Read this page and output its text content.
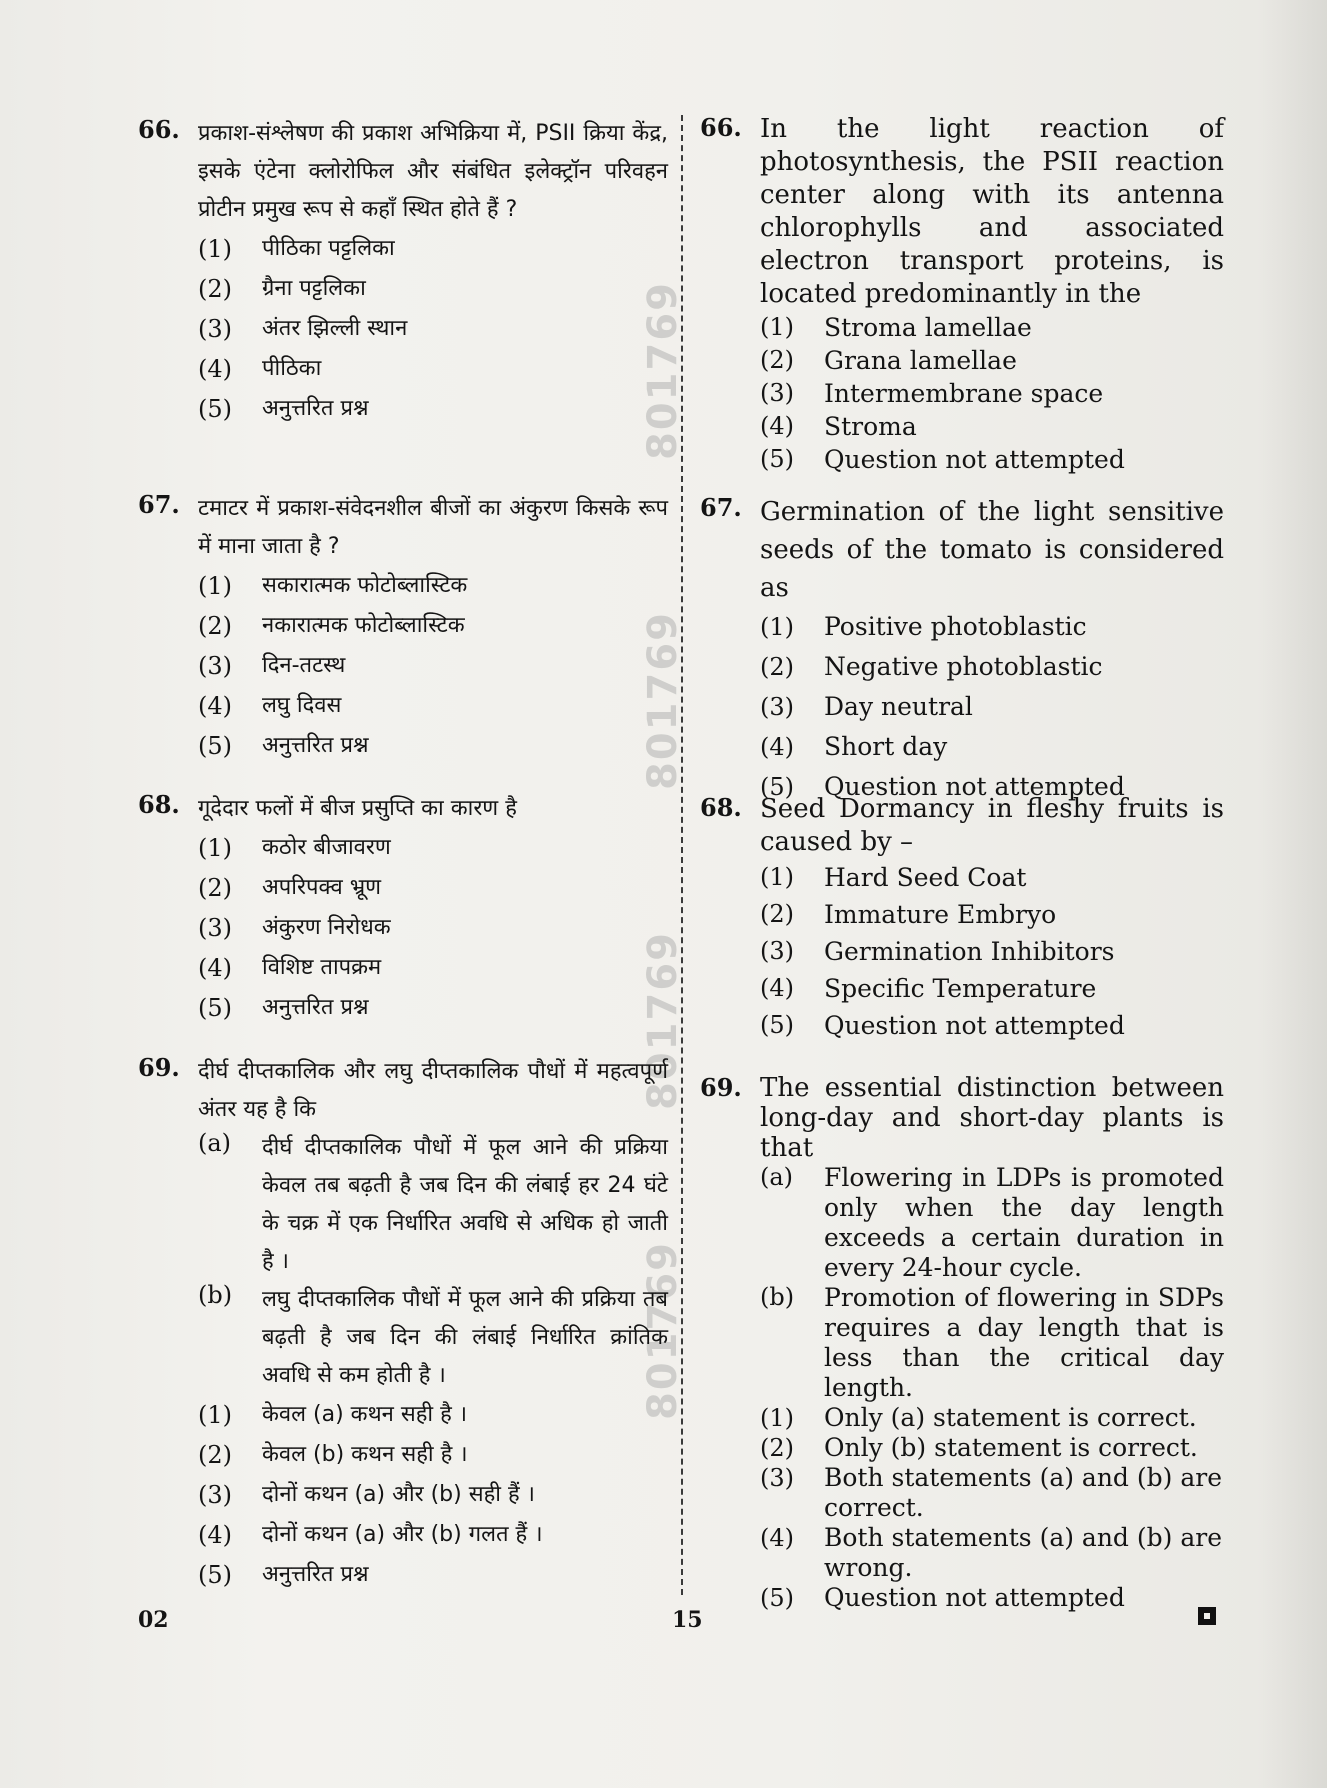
801769
801769
801769
801769
66. प्रकाश-संश्लेषण की प्रकाश अभिक्रिया में, PSII क्रिया केंद्र, इसके एंटेना क्लोरोफिल और संबंधित इलेक्ट्रॉन परिवहन प्रोटीन प्रमुख रूप से कहाँ स्थित होते हैं ?
(1)	पीठिका पट्टलिका
(2)	ग्रैना पट्टलिका
(3)	अंतर झिल्ली स्थान
(4)	पीठिका
(5)	अनुत्तरित प्रश्न
67. टमाटर में प्रकाश-संवेदनशील बीजों का अंकुरण किसके रूप में माना जाता है ?
(1)	सकारात्मक फोटोब्लास्टिक
(2)	नकारात्मक फोटोब्लास्टिक
(3)	दिन-तटस्थ
(4)	लघु दिवस
(5)	अनुत्तरित प्रश्न
68. गूदेदार फलों में बीज प्रसुप्ति का कारण है
(1)	कठोर बीजावरण
(2)	अपरिपक्व भ्रूण
(3)	अंकुरण निरोधक
(4)	विशिष्ट तापक्रम
(5)	अनुत्तरित प्रश्न
69. दीर्घ दीप्तकालिक और लघु दीप्तकालिक पौधों में महत्वपूर्ण अंतर यह है कि
(a)	दीर्घ दीप्तकालिक पौधों में फूल आने की प्रक्रिया केवल तब बढ़ती है जब दिन की लंबाई हर 24 घंटे के चक्र में एक निर्धारित अवधि से अधिक हो जाती है ।
(b)	लघु दीप्तकालिक पौधों में फूल आने की प्रक्रिया तब बढ़ती है जब दिन की लंबाई निर्धारित क्रांतिक अवधि से कम होती है ।
(1)	केवल (a) कथन सही है ।
(2)	केवल (b) कथन सही है ।
(3)	दोनों कथन (a) और (b) सही हैं ।
(4)	दोनों कथन (a) और (b) गलत हैं ।
(5)	अनुत्तरित प्रश्न
66. In the light reaction of photosynthesis, the PSII reaction center along with its antenna chlorophylls and associated electron transport proteins, is located predominantly in the
(1)	Stroma lamellae
(2)	Grana lamellae
(3)	Intermembrane space
(4)	Stroma
(5)	Question not attempted
67. Germination of the light sensitive seeds of the tomato is considered as
(1)	Positive photoblastic
(2)	Negative photoblastic
(3)	Day neutral
(4)	Short day
(5)	Question not attempted
68. Seed Dormancy in fleshy fruits is caused by –
(1)	Hard Seed Coat
(2)	Immature Embryo
(3)	Germination Inhibitors
(4)	Specific Temperature
(5)	Question not attempted
69. The essential distinction between long-day and short-day plants is that
(a)	Flowering in LDPs is promoted only when the day length exceeds a certain duration in every 24-hour cycle.
(b)	Promotion of flowering in SDPs requires a day length that is less than the critical day length.
(1)	Only (a) statement is correct.
(2)	Only (b) statement is correct.
(3)	Both statements (a) and (b) are correct.
(4)	Both statements (a) and (b) are wrong.
(5)	Question not attempted
02	15
